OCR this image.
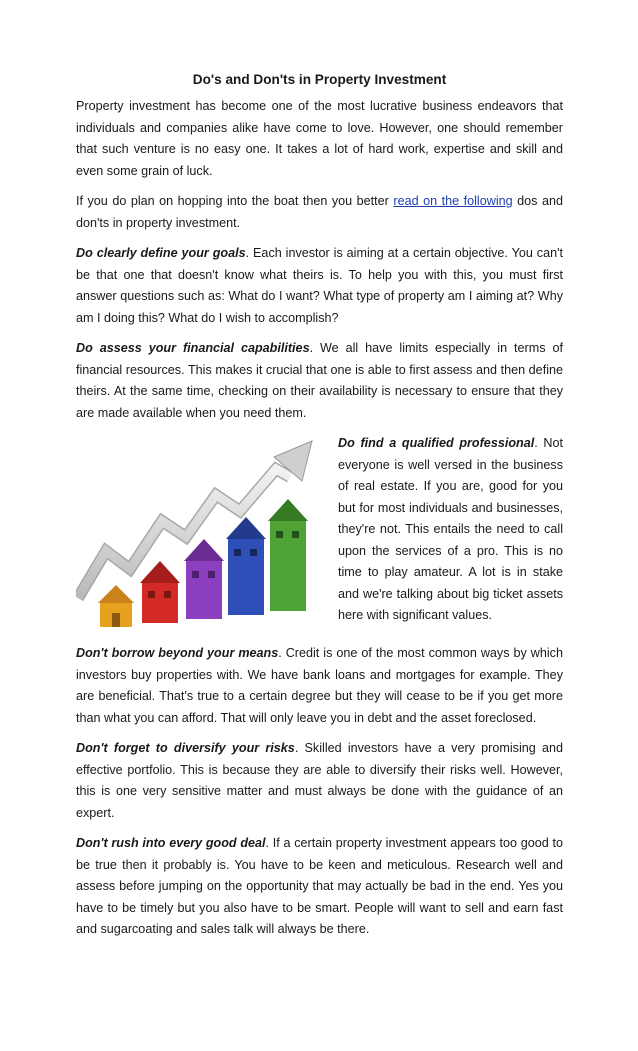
Do's and Don'ts in Property Investment

Property investment has become one of the most lucrative business endeavors that individuals and companies alike have come to love. However, one should remember that such venture is no easy one. It takes a lot of hard work, expertise and skill and even some grain of luck.

If you do plan on hopping into the boat then you better read on the following dos and don'ts in property investment.

Do clearly define your goals. Each investor is aiming at a certain objective. You can't be that one that doesn't know what theirs is. To help you with this, you must first answer questions such as: What do I want? What type of property am I aiming at? Why am I doing this? What do I wish to accomplish?

Do assess your financial capabilities. We all have limits especially in terms of financial resources. This makes it crucial that one is able to first assess and then define theirs. At the same time, checking on their availability is necessary to ensure that they are made available when you need them.

Do find a qualified professional. Not everyone is well versed in the business of real estate. If you are, good for you but for most individuals and businesses, they're not. This entails the need to call upon the services of a pro. This is no time to play amateur. A lot is in stake and we're talking about big ticket assets here with significant values.

Don't borrow beyond your means. Credit is one of the most common ways by which investors buy properties with. We have bank loans and mortgages for example. They are beneficial. That's true to a certain degree but they will cease to be if you get more than what you can afford. That will only leave you in debt and the asset foreclosed.

Don't forget to diversify your risks. Skilled investors have a very promising and effective portfolio. This is because they are able to diversify their risks well. However, this is one very sensitive matter and must always be done with the guidance of an expert.

Don't rush into every good deal. If a certain property investment appears too good to be true then it probably is. You have to be keen and meticulous. Research well and assess before jumping on the opportunity that may actually be bad in the end. Yes you have to be timely but you also have to be smart. People will want to sell and earn fast and sugarcoating and sales talk will always be there.
